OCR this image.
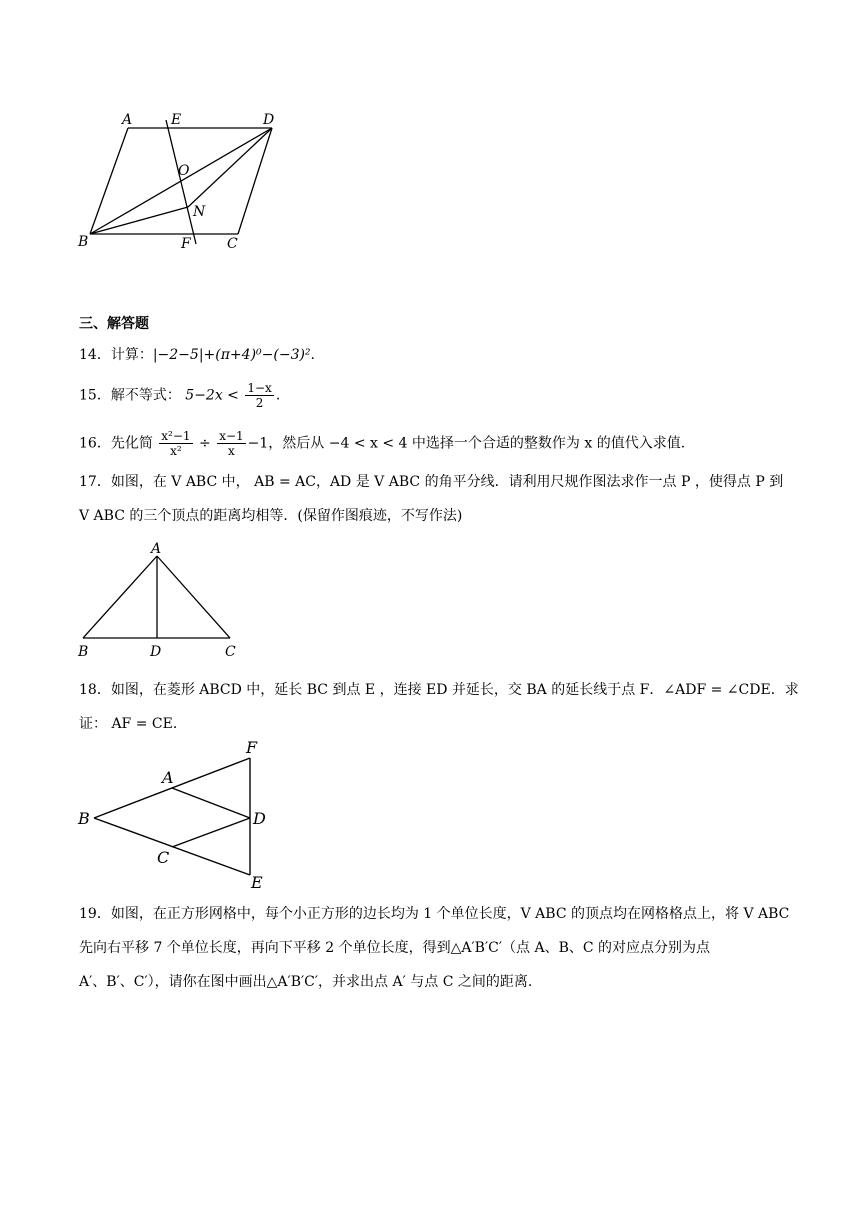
A	E	D
O
N
B	F	C
三、解答题
14．计算：|−2−5|+(π+4)⁰−(−3)².
15．解不等式： $5-2x < \frac{1-x}{2}$ .
16．先化简 $\frac{\text{x²−1}}{\text{x²}} \div \frac{x-1}{x} -1$，然后从 −4 < x < 4 中选择一个合适的整数作为 x 的值代入求值.
17．如图，在 V ABC 中， AB = AC，AD 是 V ABC 的角平分线．请利用尺规作图法求作一点 P ，使得点 P 到
V ABC 的三个顶点的距离均相等．(保留作图痕迹，不写作法)
A
B	D	C
18．如图，在菱形 ABCD 中，延长 BC 到点 E ，连接 ED 并延长，交 BA 的延长线于点 F．∠ADF = ∠CDE．求
证： AF = CE．
F
A
B	D
C
E
19．如图，在正方形网格中，每个小正方形的边长均为 1 个单位长度，V ABC 的顶点均在网格格点上，将 V ABC
先向右平移 7 个单位长度，再向下平移 2 个单位长度，得到△A′B′C′（点 A、B、C 的对应点分别为点
A′、B′、C′），请你在图中画出△A′B′C′，并求出点 A′ 与点 C 之间的距离.
